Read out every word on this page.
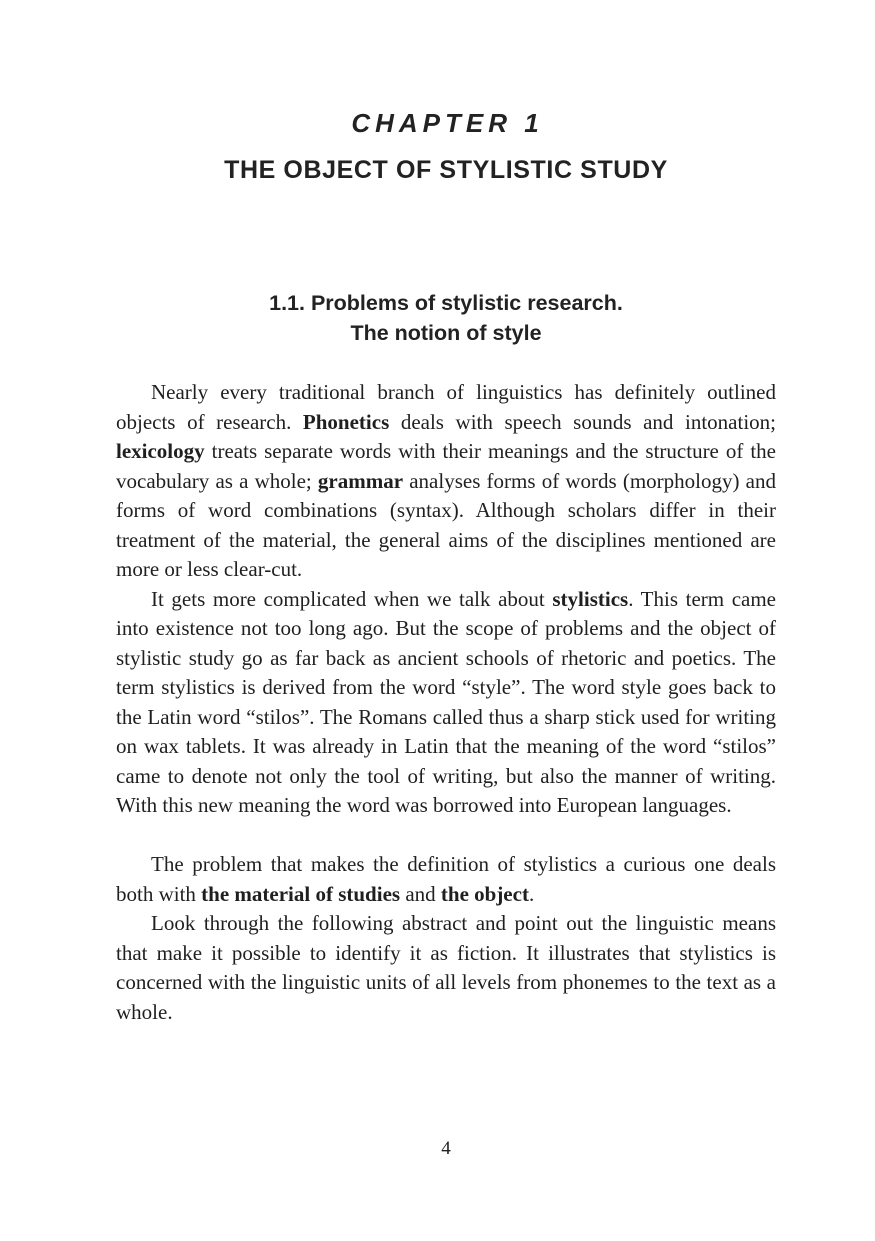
CHAPTER 1
THE OBJECT OF STYLISTIC STUDY
1.1. Problems of stylistic research.
The notion of style

Nearly every traditional branch of linguistics has definitely outlined objects of research. Phonetics deals with speech sounds and intonation; lexicology treats separate words with their meanings and the structure of the vocabulary as a whole; grammar analyses forms of words (morphology) and forms of word combinations (syntax). Although scholars differ in their treatment of the material, the general aims of the disciplines mentioned are more or less clear-cut.

It gets more complicated when we talk about stylistics. This term came into existence not too long ago. But the scope of problems and the object of stylistic study go as far back as ancient schools of rhetoric and poetics. The term stylistics is derived from the word “style”. The word style goes back to the Latin word “stilos”. The Romans called thus a sharp stick used for writing on wax tablets. It was already in Latin that the meaning of the word “stilos” came to denote not only the tool of writing, but also the manner of writing. With this new meaning the word was borrowed into European languages.

The problem that makes the definition of stylistics a curious one deals both with the material of studies and the object.

Look through the following abstract and point out the linguistic means that make it possible to identify it as fiction. It illustrates that stylistics is concerned with the linguistic units of all levels from phonemes to the text as a whole.

4
